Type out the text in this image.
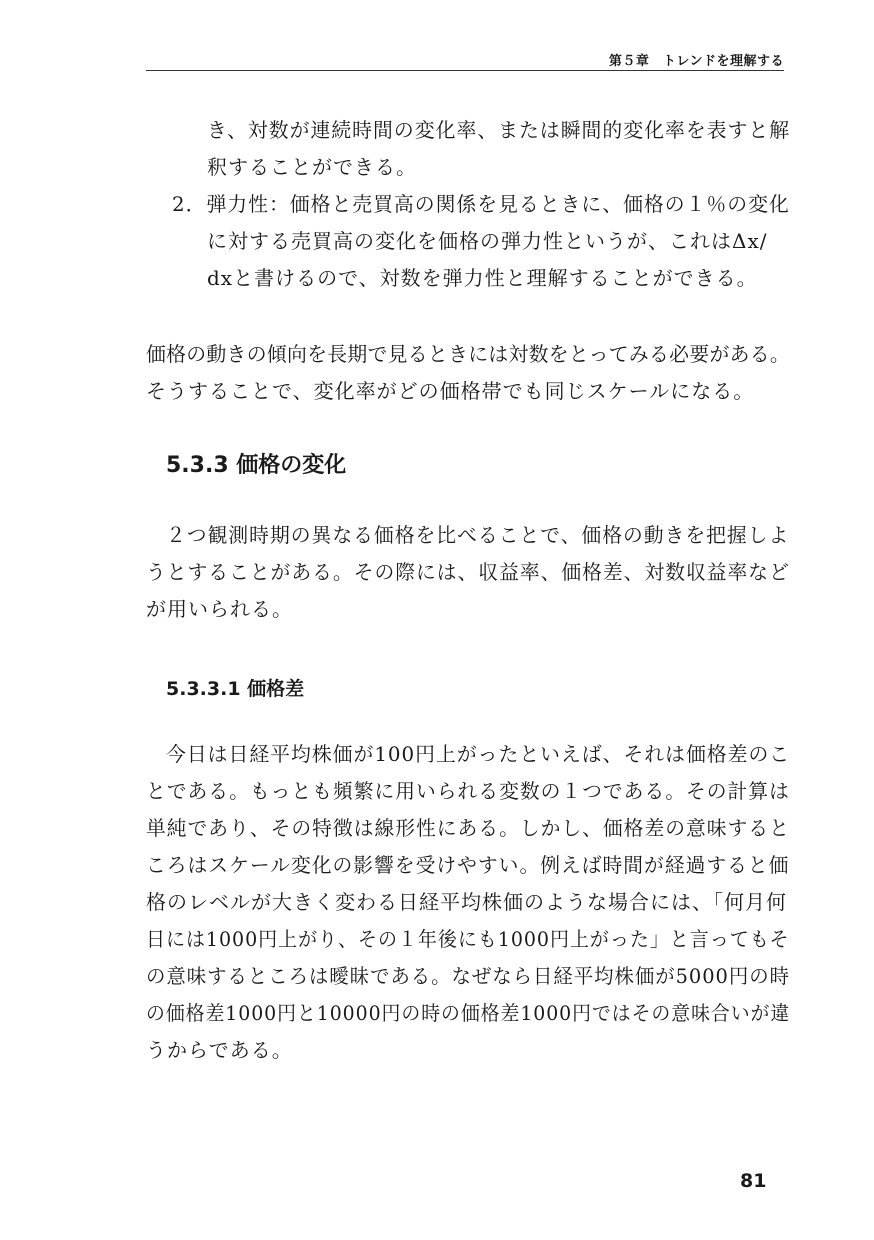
第５章　トレンドを理解する
き、対数が連続時間の変化率、または瞬間的変化率を表すと解
釈することができる。
2．弾力性：価格と売買高の関係を見るときに、価格の１％の変化
に対する売買高の変化を価格の弾力性というが、これはΔx/
dxと書けるので、対数を弾力性と理解することができる。
価格の動きの傾向を長期で見るときには対数をとってみる必要がある。
そうすることで、変化率がどの価格帯でも同じスケールになる。
5.3.3 価格の変化
２つ観測時期の異なる価格を比べることで、価格の動きを把握しよ
うとすることがある。その際には、収益率、価格差、対数収益率など
が用いられる。
5.3.3.1 価格差
今日は日経平均株価が100円上がったといえば、それは価格差のこ
とである。もっとも頻繁に用いられる変数の１つである。その計算は
単純であり、その特徴は線形性にある。しかし、価格差の意味すると
ころはスケール変化の影響を受けやすい。例えば時間が経過すると価
格のレベルが大きく変わる日経平均株価のような場合には、「何月何
日には1000円上がり、その１年後にも1000円上がった」と言ってもそ
の意味するところは曖昧である。なぜなら日経平均株価が5000円の時
の価格差1000円と10000円の時の価格差1000円ではその意味合いが違
うからである。
81
